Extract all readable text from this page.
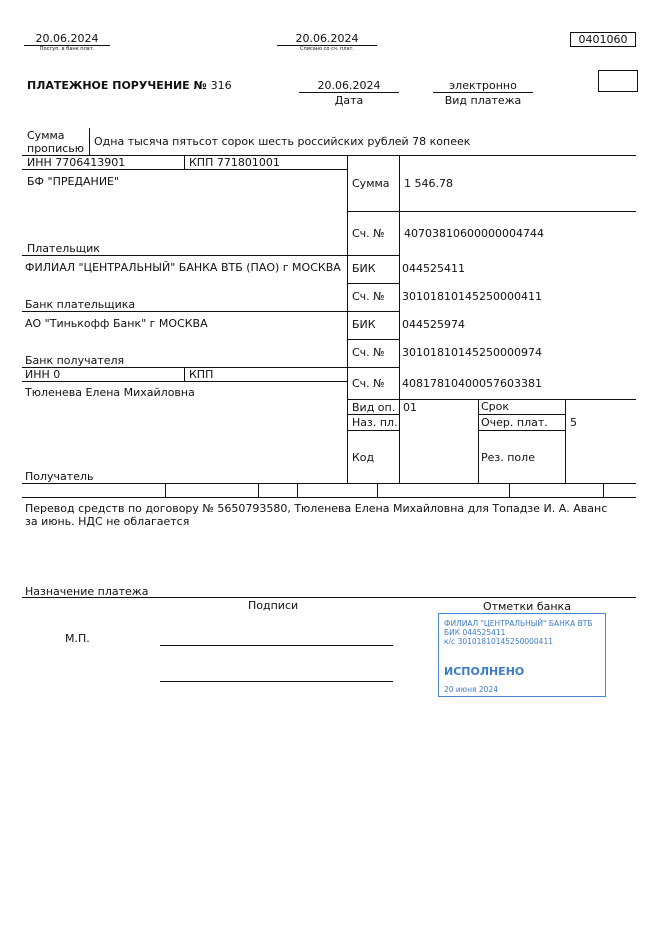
20.06.2024
Поступ. в банк плат.
20.06.2024
Списано со сч. плат.
0401060
ПЛАТЕЖНОЕ ПОРУЧЕНИЕ № 316	20.06.2024
Дата
электронно
Вид платежа
Сумма прописью
Одна тысяча пятьсот сорок шесть российских рублей 78 копеек
ИНН 7706413901	КПП 771801001
БФ "ПРЕДАНИЕ"
Плательщик
Сумма 1 546.78
Сч. № 40703810600000004744
ФИЛИАЛ "ЦЕНТРАЛЬНЫЙ" БАНКА ВТБ (ПАО) г МОСКВА
Банк плательщика
БИК 044525411
Сч. № 30101810145250000411
АО "Тинькофф Банк" г МОСКВА
Банк получателя
БИК 044525974
Сч. № 30101810145250000974
ИНН 0	КПП
Тюленева Елена Михайловна
Получатель
Сч. № 40817810400057603381
Вид оп. 01	Срок
Наз. пл.	Очер. плат. 5
Код	Рез. поле
Перевод средств по договору № 5650793580, Тюленева Елена Михайловна для Топадзе И. А. Аванс за июнь. НДС не облагается
Назначение платежа
Подписи	Отметки банка
М.П.
ФИЛИАЛ "ЦЕНТРАЛЬНЫЙ" БАНКА ВТБ
БИК 044525411
к/с 30101810145250000411
ИСПОЛНЕНО
20 июня 2024
